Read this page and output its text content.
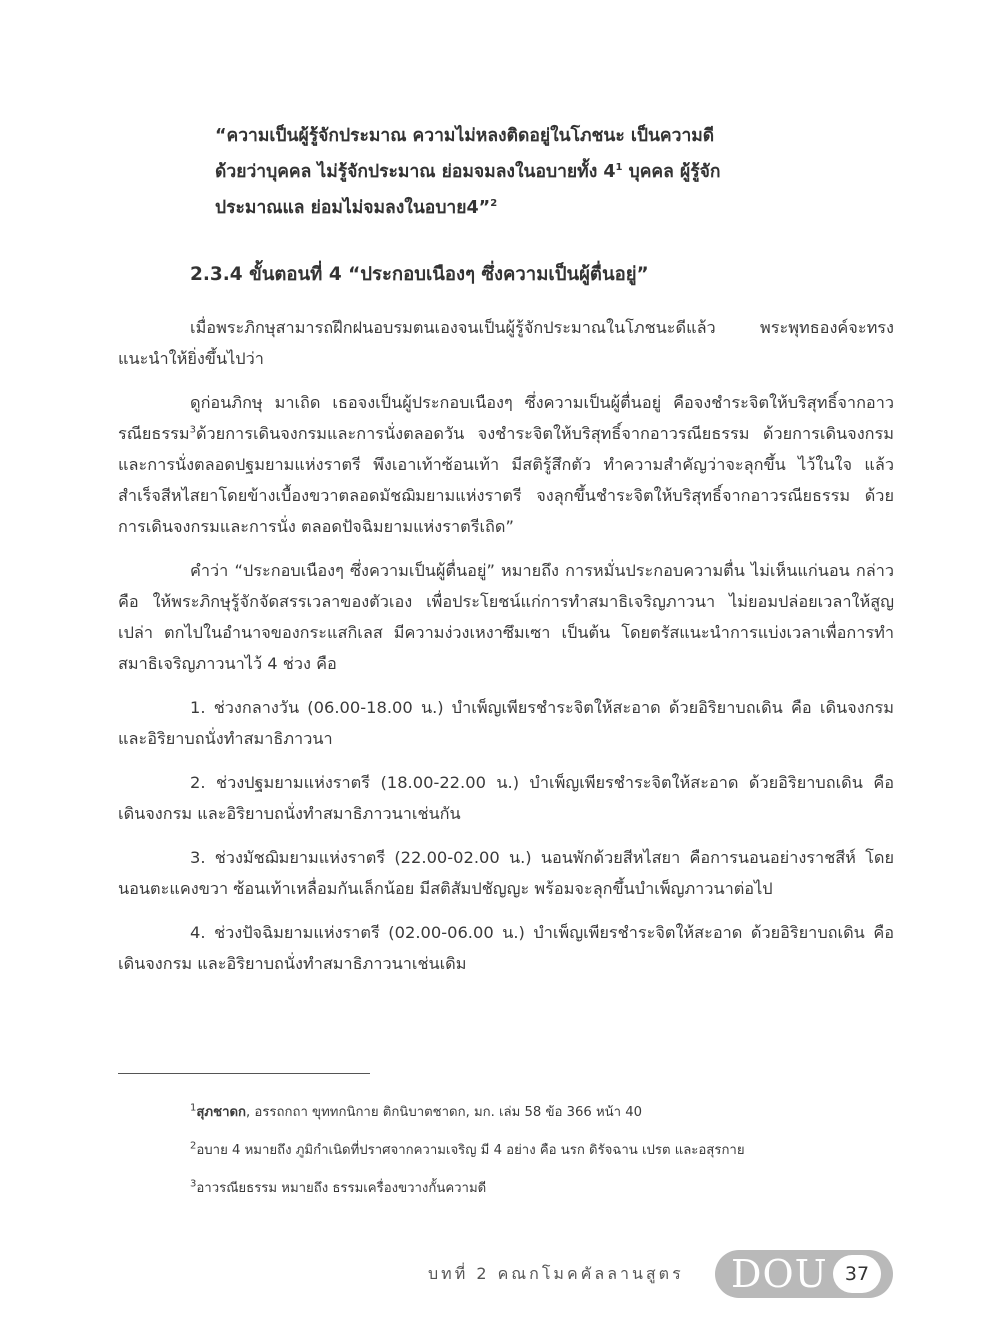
“ความเป็นผู้รู้จักประมาณ ความไม่หลงติดอยู่ในโภชนะ เป็นความดี
ด้วยว่าบุคคล ไม่รู้จักประมาณ ย่อมจมลงในอบายทั้ง $4^1$ บุคคล ผู้รู้จัก
ประมาณแล ย่อมไม่จมลงในอบาย4”$^2$
2.3.4 ขั้นตอนที่ 4 “ประกอบเนืองๆ ซึ่งความเป็นผู้ตื่นอยู่”

เมื่อพระภิกษุสามารถฝึกฝนอบรมตนเองจนเป็นผู้รู้จักประมาณในโภชนะดีแล้ว พระพุทธองค์จะทรงแนะนำให้ยิ่งขึ้นไปว่า

ดูก่อนภิกษุ มาเถิด เธอจงเป็นผู้ประกอบเนืองๆ ซึ่งความเป็นผู้ตื่นอยู่ คือจงชำระจิตให้บริสุทธิ์จากอาวรณียธรรม$^3$ด้วยการเดินจงกรมและการนั่งตลอดวัน จงชำระจิตให้บริสุทธิ์จากอาวรณียธรรม ด้วยการเดินจงกรมและการนั่งตลอดปฐมยามแห่งราตรี พึงเอาเท้าซ้อนเท้า มีสติรู้สึกตัว ทำความสำคัญว่าจะลุกขึ้น ไว้ในใจ แล้วสำเร็จสีหไสยาโดยข้างเบื้องขวาตลอดมัชฌิมยามแห่งราตรี จงลุกขึ้นชำระจิตให้บริสุทธิ์จากอาวรณียธรรม ด้วยการเดินจงกรมและการนั่ง ตลอดปัจฉิมยามแห่งราตรีเถิด”

คำว่า “ประกอบเนืองๆ ซึ่งความเป็นผู้ตื่นอยู่” หมายถึง การหมั่นประกอบความตื่น ไม่เห็นแก่นอน กล่าวคือ ให้พระภิกษุรู้จักจัดสรรเวลาของตัวเอง เพื่อประโยชน์แก่การทำสมาธิเจริญภาวนา ไม่ยอมปล่อยเวลาให้สูญเปล่า ตกไปในอำนาจของกระแสกิเลส มีความง่วงเหงาซึมเซา เป็นต้น โดยตรัสแนะนำการแบ่งเวลาเพื่อการทำสมาธิเจริญภาวนาไว้ 4 ช่วง คือ

1. ช่วงกลางวัน (06.00-18.00 น.) บำเพ็ญเพียรชำระจิตให้สะอาด ด้วยอิริยาบถเดิน คือ เดินจงกรม และอิริยาบถนั่งทำสมาธิภาวนา

2. ช่วงปฐมยามแห่งราตรี (18.00-22.00 น.) บำเพ็ญเพียรชำระจิตให้สะอาด ด้วยอิริยาบถเดิน คือ เดินจงกรม และอิริยาบถนั่งทำสมาธิภาวนาเช่นกัน

3. ช่วงมัชฌิมยามแห่งราตรี (22.00-02.00 น.) นอนพักด้วยสีหไสยา คือการนอนอย่างราชสีห์ โดยนอนตะแคงขวา ซ้อนเท้าเหลื่อมกันเล็กน้อย มีสติสัมปชัญญะ พร้อมจะลุกขึ้นบำเพ็ญภาวนาต่อไป

4. ช่วงปัจฉิมยามแห่งราตรี (02.00-06.00 น.) บำเพ็ญเพียรชำระจิตให้สะอาด ด้วยอิริยาบถเดิน คือ เดินจงกรม และอิริยาบถนั่งทำสมาธิภาวนาเช่นเดิม

$^1$สุภชาดก, อรรถกถา ขุททกนิกาย ติกนิบาตชาดก, มก. เล่ม 58 ข้อ 366 หน้า 40
$^2$อบาย 4 หมายถึง ภูมิกำเนิดที่ปราศจากความเจริญ มี 4 อย่าง คือ นรก ดิรัจฉาน เปรต และอสุรกาย
$^3$อาวรณียธรรม หมายถึง ธรรมเครื่องขวางกั้นความดี
บทที่ 2 คณกโมคคัลลานสูตร DOU 37
